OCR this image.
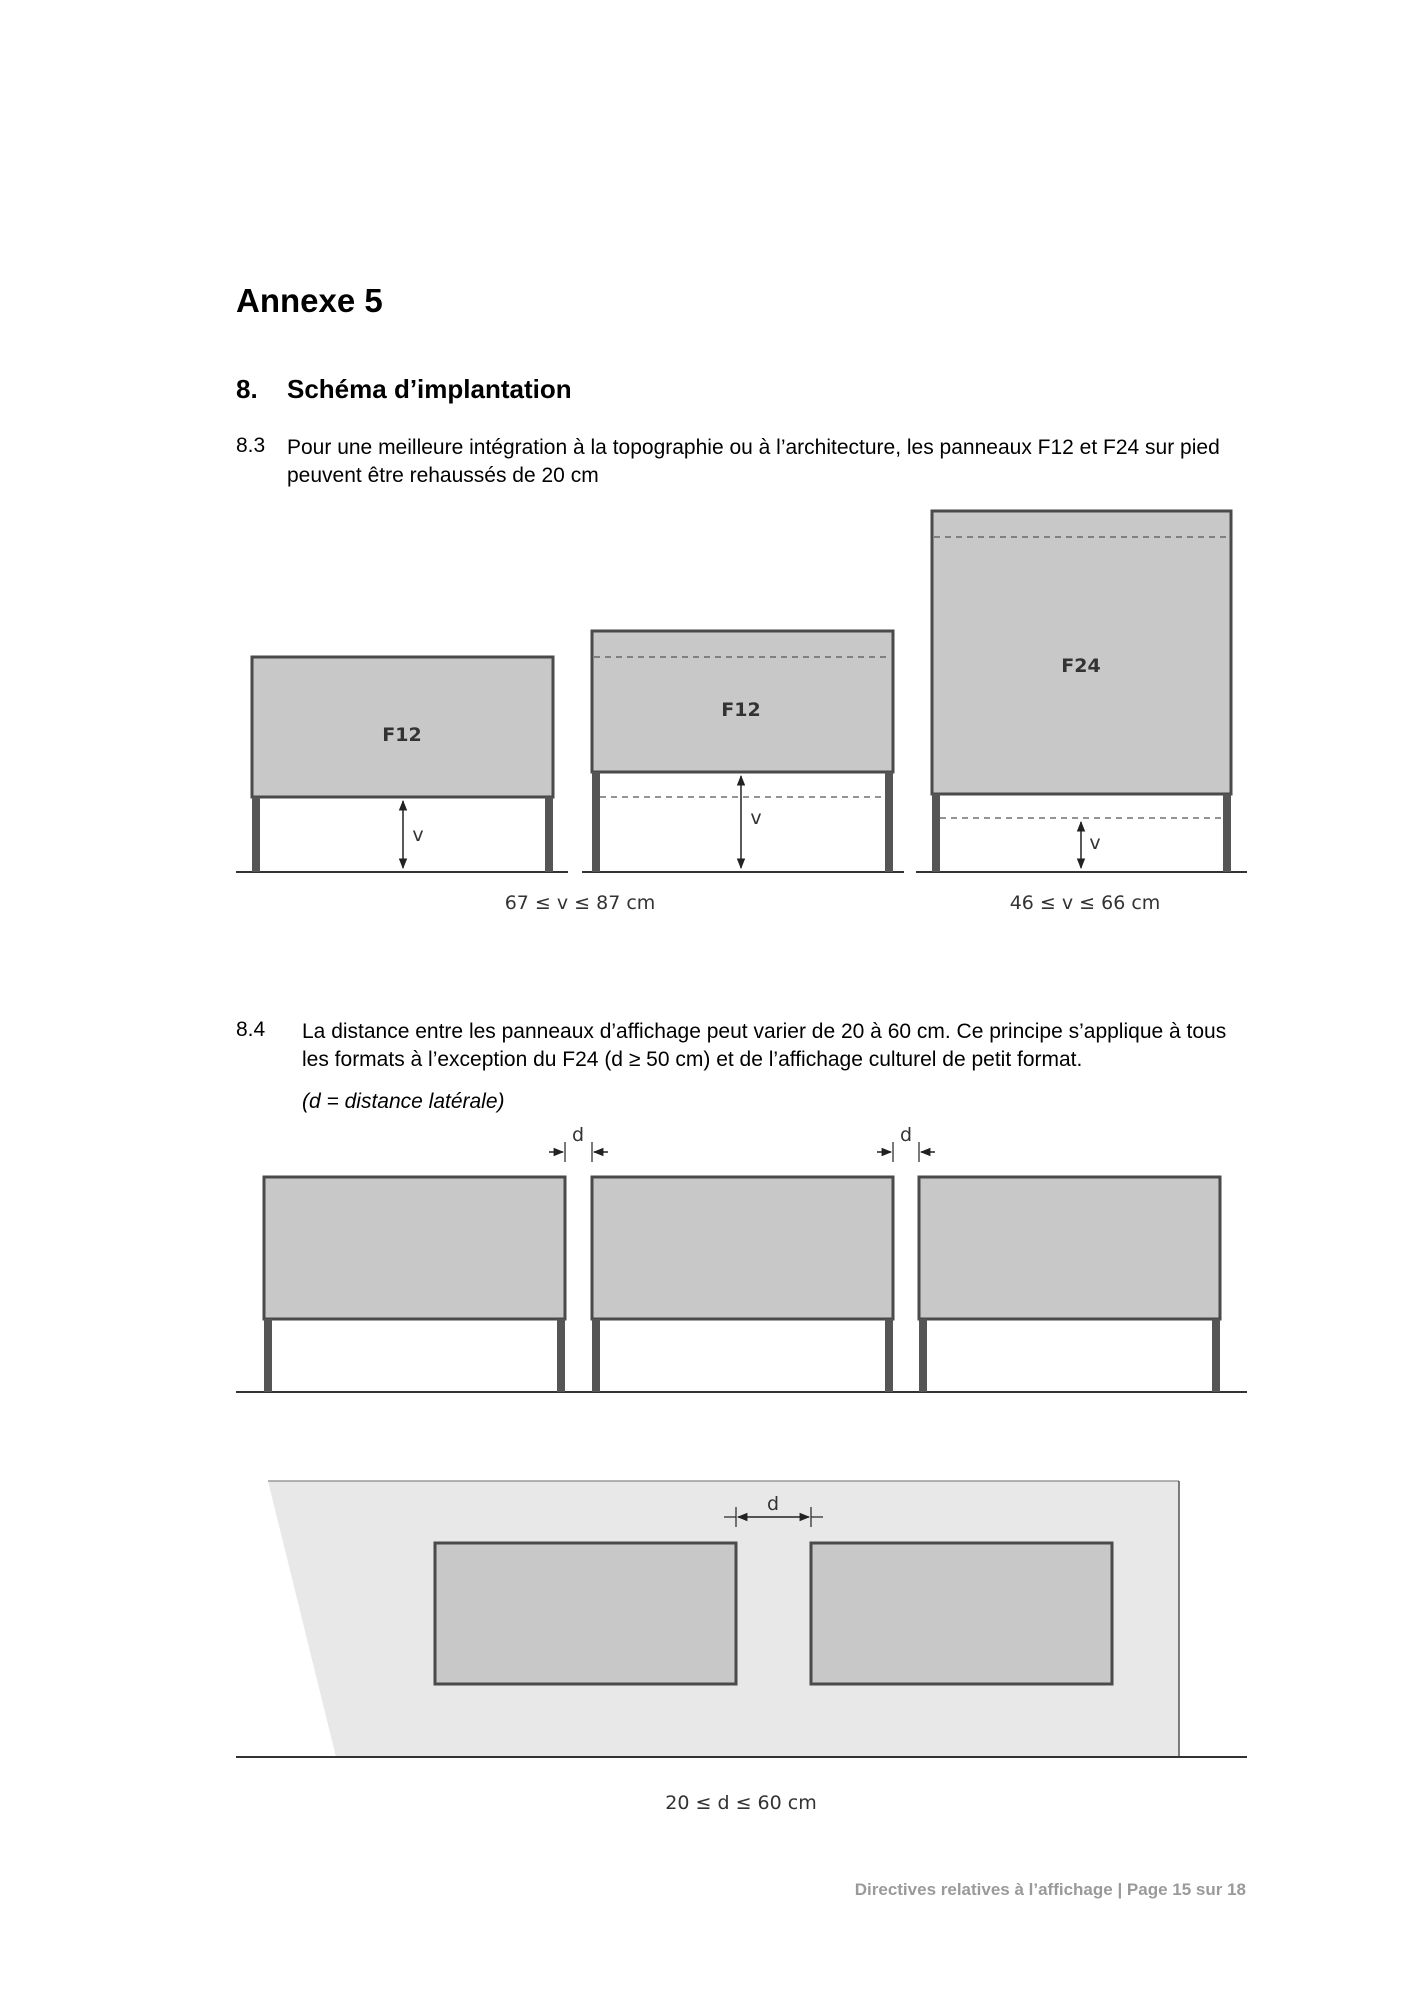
Annexe 5
8. Schéma d’implantation
8.3 Pour une meilleure intégration à la topographie ou à l’architecture, les panneaux F12 et F24 sur pied peuvent être rehaussés de 20 cm
8.4 La distance entre les panneaux d’affichage peut varier de 20 à 60 cm. Ce principe s’applique à tous les formats à l’exception du F24 (d ≥ 50 cm) et de l’affichage culturel de petit format.
(d = distance latérale)
F12
v
F12
v
F24
v
67 ≤ v ≤ 87 cm	46 ≤ v ≤ 66 cm
d	d
d
20 ≤ d ≤ 60 cm
Directives relatives à l’affichage | Page 15 sur 18
